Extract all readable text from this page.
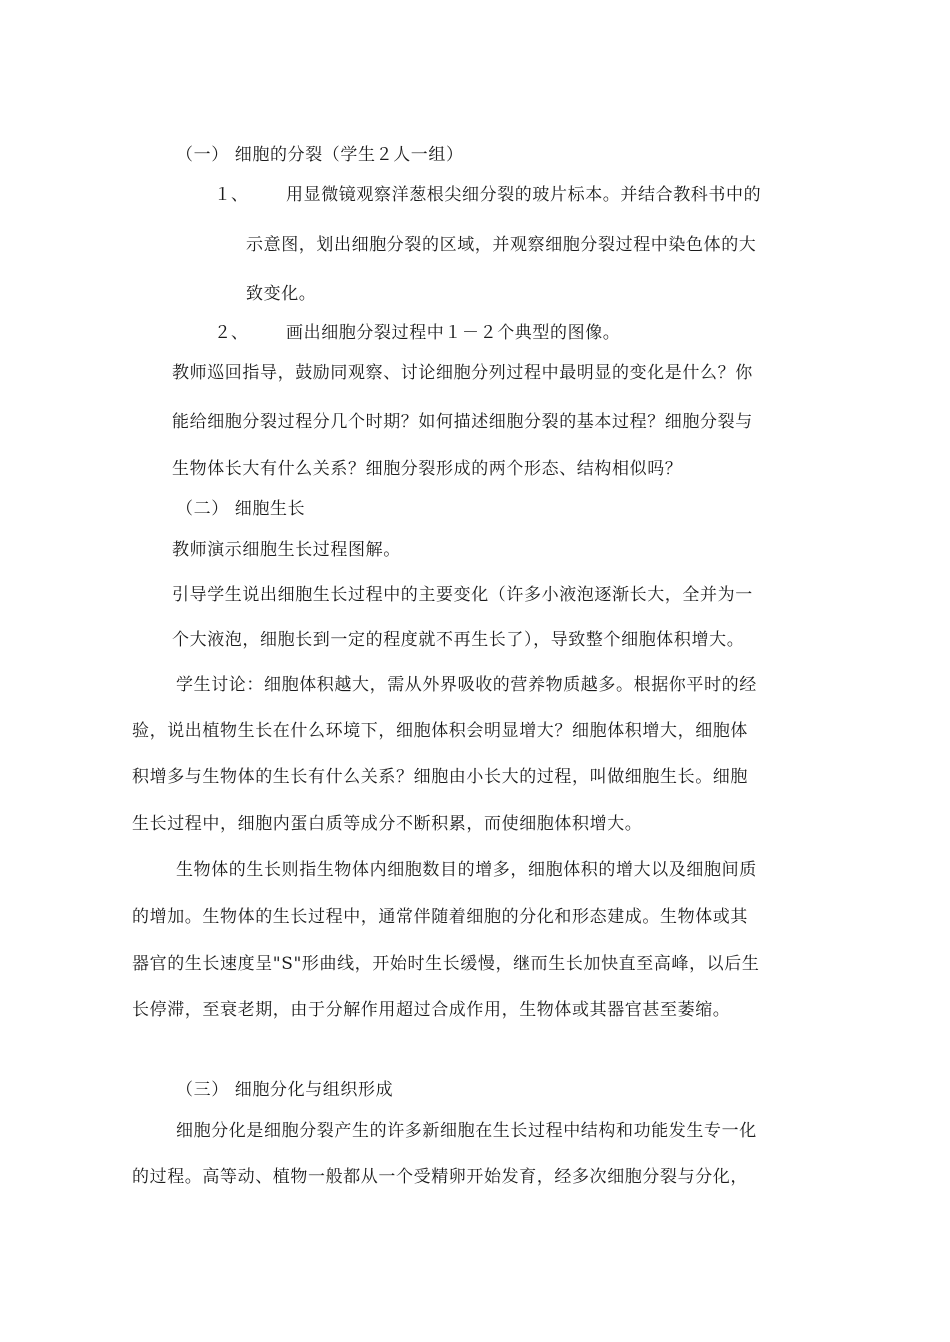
（一） 细胞的分裂（学生２人一组）
１、 用显微镜观察洋葱根尖细分裂的玻片标本。并结合教科书中的
示意图，划出细胞分裂的区域，并观察细胞分裂过程中染色体的大
致变化。
２、 画出细胞分裂过程中１－２个典型的图像。
教师巡回指导，鼓励同观察、讨论细胞分列过程中最明显的变化是什么？你
能给细胞分裂过程分几个时期？如何描述细胞分裂的基本过程？细胞分裂与
生物体长大有什么关系？细胞分裂形成的两个形态、结构相似吗？
（二） 细胞生长
教师演示细胞生长过程图解。
引导学生说出细胞生长过程中的主要变化（许多小液泡逐渐长大，全并为一
个大液泡，细胞长到一定的程度就不再生长了），导致整个细胞体积增大。
学生讨论：细胞体积越大，需从外界吸收的营养物质越多。根据你平时的经
验，说出植物生长在什么环境下，细胞体积会明显增大？细胞体积增大，细胞体
积增多与生物体的生长有什么关系？细胞由小长大的过程，叫做细胞生长。细胞
生长过程中，细胞内蛋白质等成分不断积累，而使细胞体积增大。
生物体的生长则指生物体内细胞数目的增多，细胞体积的增大以及细胞间质
的增加。生物体的生长过程中，通常伴随着细胞的分化和形态建成。生物体或其
器官的生长速度呈"S"形曲线，开始时生长缓慢，继而生长加快直至高峰，以后生
长停滞，至衰老期，由于分解作用超过合成作用，生物体或其器官甚至萎缩。
（三） 细胞分化与组织形成
细胞分化是细胞分裂产生的许多新细胞在生长过程中结构和功能发生专一化
的过程。高等动、植物一般都从一个受精卵开始发育，经多次细胞分裂与分化，
